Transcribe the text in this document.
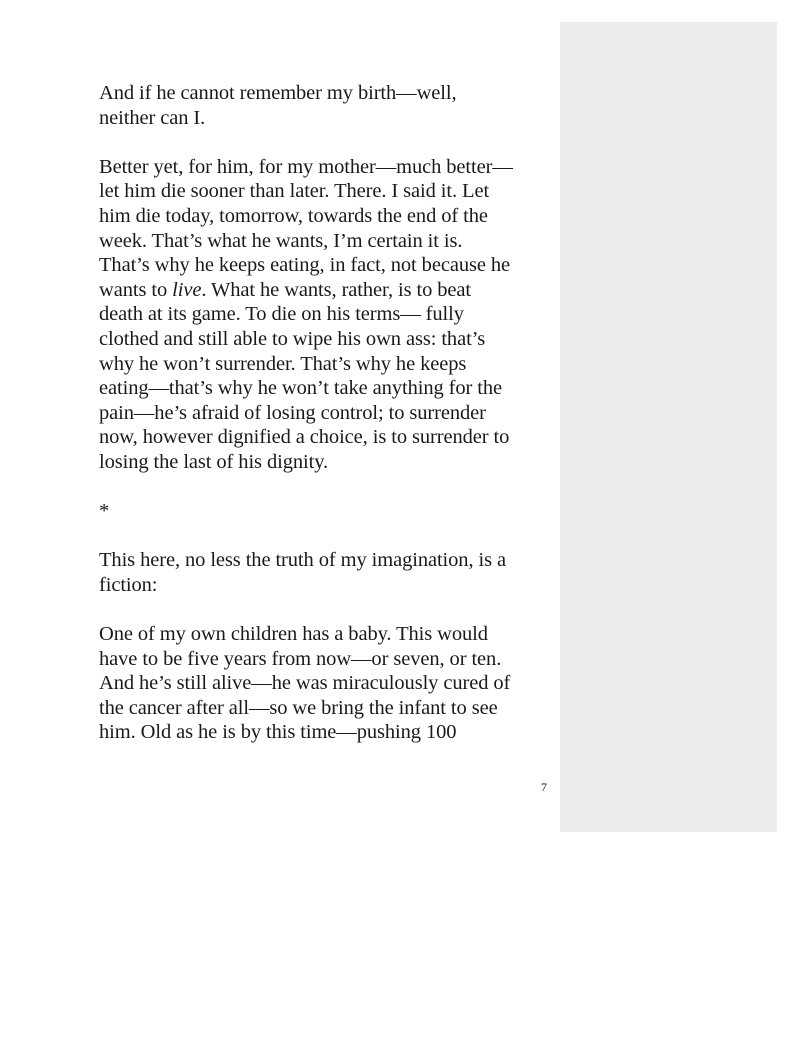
And if he cannot remember my birth—well,
neither can I.
Better yet, for him, for my mother—much better—
let him die sooner than later. There. I said it. Let
him die today, tomorrow, towards the end of the
week. That’s what he wants, I’m certain it is.
That’s why he keeps eating, in fact, not because he
wants to live. What he wants, rather, is to beat
death at its game. To die on his terms— fully
clothed and still able to wipe his own ass: that’s
why he won’t surrender. That’s why he keeps
eating—that’s why he won’t take anything for the
pain—he’s afraid of losing control; to surrender
now, however dignified a choice, is to surrender to
losing the last of his dignity.
*
This here, no less the truth of my imagination, is a
fiction:
One of my own children has a baby. This would
have to be five years from now—or seven, or ten.
And he’s still alive—he was miraculously cured of
the cancer after all—so we bring the infant to see
him. Old as he is by this time—pushing 100
7
